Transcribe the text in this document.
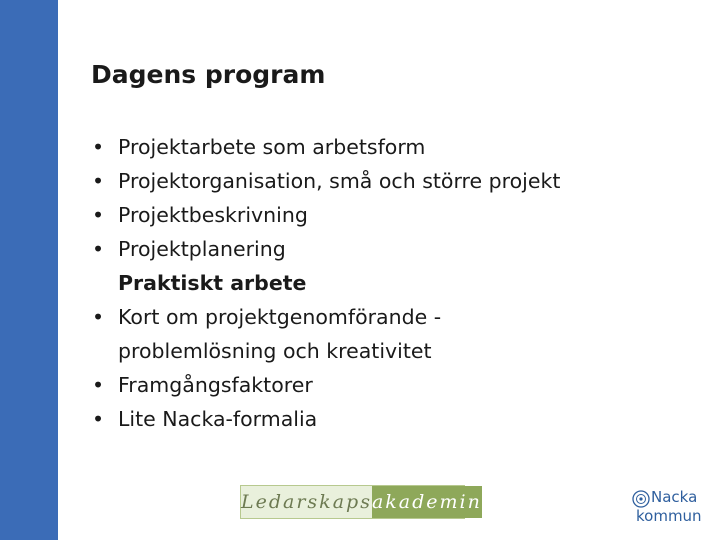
Dagens program
• Projektarbete som arbetsform
• Projektorganisation, små och större projekt
• Projektbeskrivning
• Projektplanering
Praktiskt arbete
• Kort om projektgenomförande -
problemlösning och kreativitet
• Framgångsfaktorer
• Lite Nacka-formalia
Ledarskaps akademin	Nacka
kommun
